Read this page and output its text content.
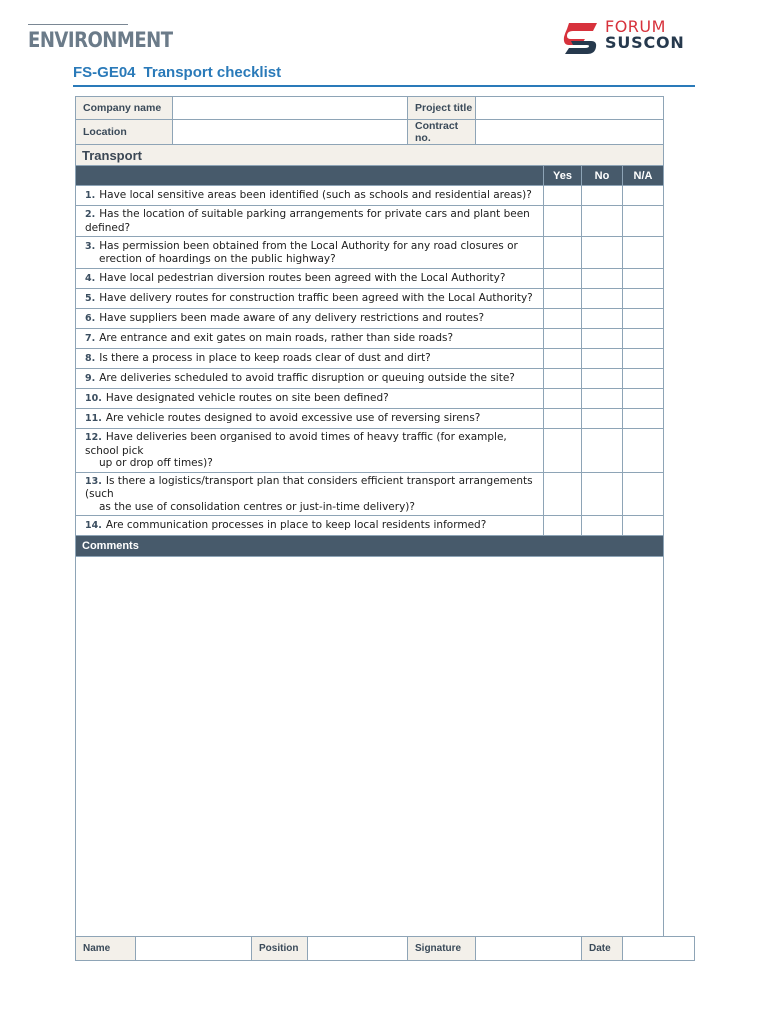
ENVIRONMENT
FORUM
SUSCON
FS-GE04 Transport checklist
Company name					Project title				
Location					Contract no.				
Transport									
							Yes	No	N/A
1. Have local sensitive areas been identified (such as schools and residential areas)?									
2. Has the location of suitable parking arrangements for private cars and plant been
defined?									
3. Has permission been obtained from the Local Authority for any road closures or
erection of hoardings on the public highway?									

4. Have local pedestrian diversion routes been agreed with the Local Authority?									
5. Have delivery routes for construction traffic been agreed with the Local Authority?									
6. Have suppliers been made aware of any delivery restrictions and routes?									
7. Are entrance and exit gates on main roads, rather than side roads?									
8. Is there a process in place to keep roads clear of dust and dirt?									
9. Are deliveries scheduled to avoid traffic disruption or queuing outside the site?									
10. Have designated vehicle routes on site been defined?									
11. Are vehicle routes designed to avoid excessive use of reversing sirens?									
12. Have deliveries been organised to avoid times of heavy traffic (for example, school pick
up or drop off times)?									

13. Is there a logistics/transport plan that considers efficient transport arrangements (such
as the use of consolidation centres or just-in-time delivery)?									

14. Are communication processes in place to keep local residents informed?									
Comments									

Name			Position		Signature			Date	
